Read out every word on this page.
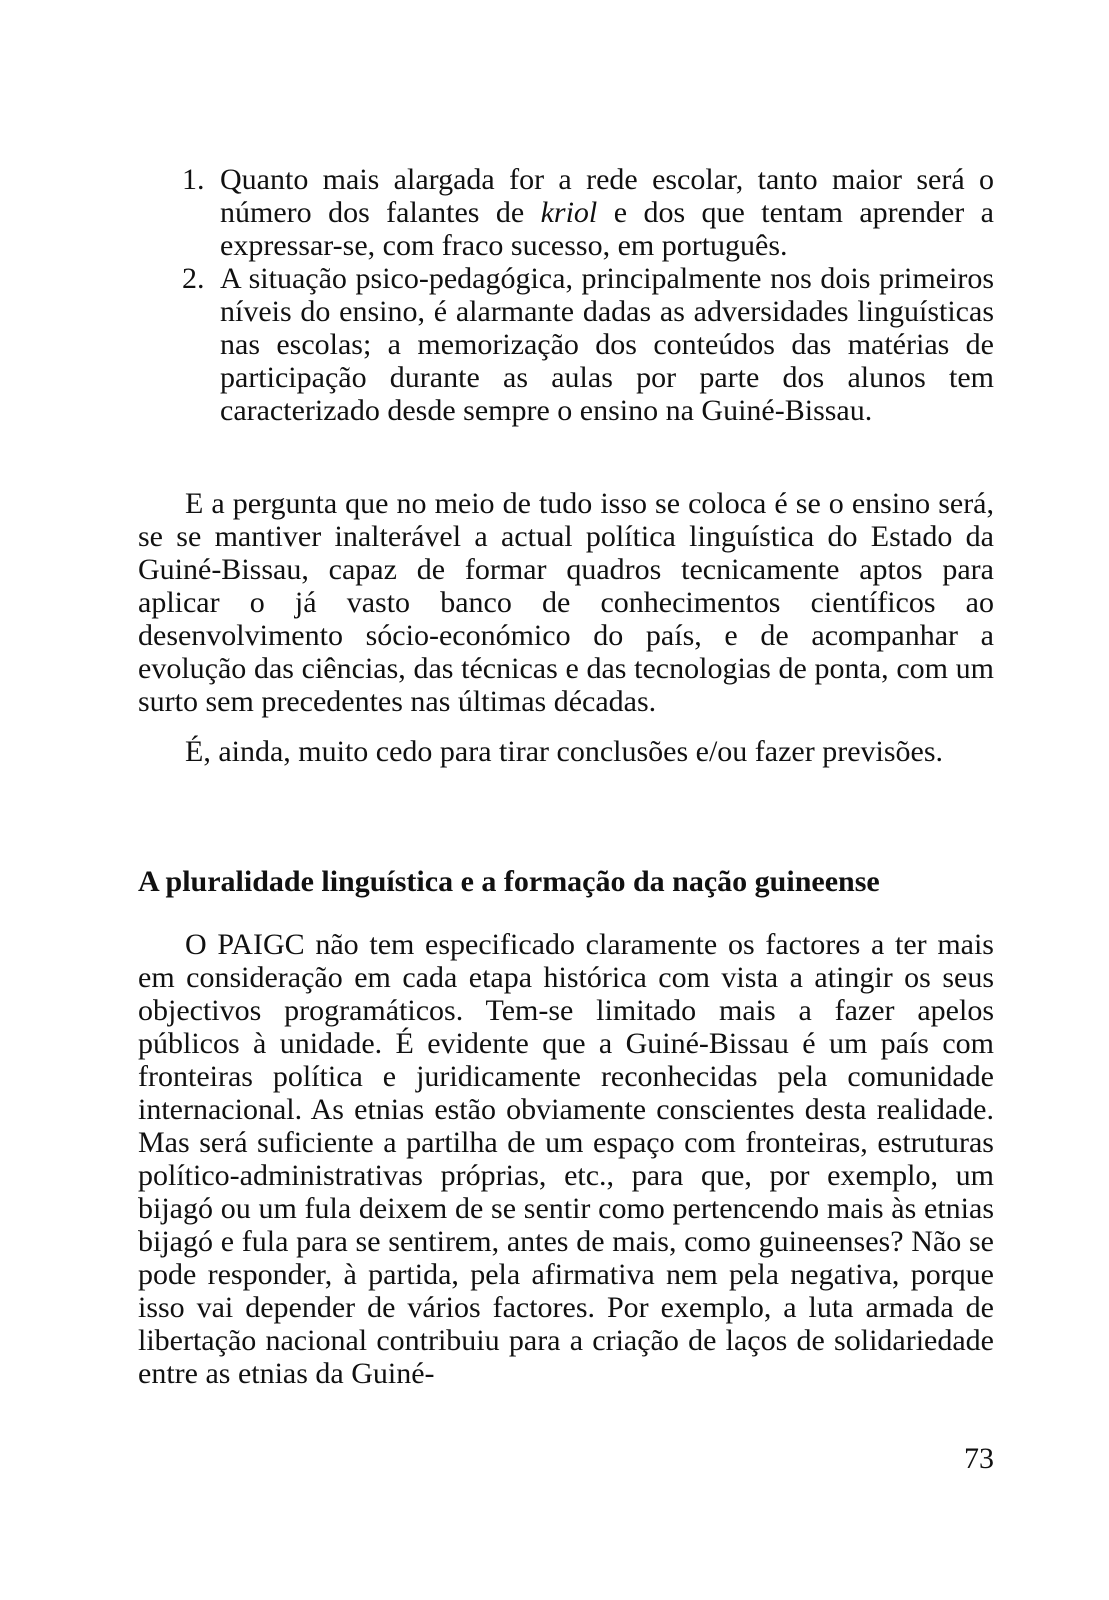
1. Quanto mais alargada for a rede escolar, tanto maior será o número dos falantes de kriol e dos que tentam aprender a expressar-se, com fraco sucesso, em português.
2. A situação psico-pedagógica, principalmente nos dois primeiros níveis do ensino, é alarmante dadas as adversidades linguísticas nas escolas; a memorização dos conteúdos das matérias de participação durante as aulas por parte dos alunos tem caracterizado desde sempre o ensino na Guiné-Bissau.

E a pergunta que no meio de tudo isso se coloca é se o ensino será, se se mantiver inalterável a actual política linguística do Estado da Guiné-Bissau, capaz de formar quadros tecnicamente aptos para aplicar o já vasto banco de conhecimentos científicos ao desenvolvimento sócio-económico do país, e de acompanhar a evolução das ciências, das técnicas e das tecnologias de ponta, com um surto sem precedentes nas últimas décadas.

É, ainda, muito cedo para tirar conclusões e/ou fazer previsões.

A pluralidade linguística e a formação da nação guineense

O PAIGC não tem especificado claramente os factores a ter mais em consideração em cada etapa histórica com vista a atingir os seus objectivos programáticos. Tem-se limitado mais a fazer apelos públicos à unidade. É evidente que a Guiné-Bissau é um país com fronteiras política e juridicamente reconhecidas pela comunidade internacional. As etnias estão obviamente conscientes desta realidade. Mas será suficiente a partilha de um espaço com fronteiras, estruturas político-administrativas próprias, etc., para que, por exemplo, um bijagó ou um fula deixem de se sentir como pertencendo mais às etnias bijagó e fula para se sentirem, antes de mais, como guineenses? Não se pode responder, à partida, pela afirmativa nem pela negativa, porque isso vai depender de vários factores. Por exemplo, a luta armada de libertação nacional contribuiu para a criação de laços de solidariedade entre as etnias da Guiné-

73
